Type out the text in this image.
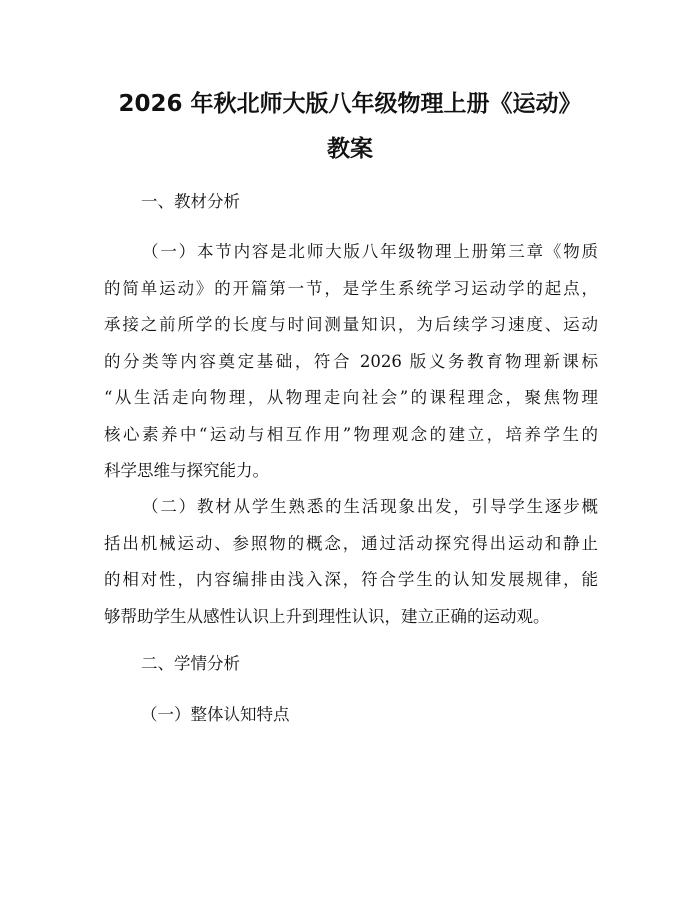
2026 年秋北师大版八年级物理上册《运动》
教案

一、教材分析

（一）本节内容是北师大版八年级物理上册第三章《物质
的简单运动》的开篇第一节，是学生系统学习运动学的起点，
承接之前所学的长度与时间测量知识，为后续学习速度、运动
的分类等内容奠定基础，符合 2026 版义务教育物理新课标
“从生活走向物理，从物理走向社会”的课程理念，聚焦物理
核心素养中“运动与相互作用”物理观念的建立，培养学生的
科学思维与探究能力。
（二）教材从学生熟悉的生活现象出发，引导学生逐步概
括出机械运动、参照物的概念，通过活动探究得出运动和静止
的相对性，内容编排由浅入深，符合学生的认知发展规律，能
够帮助学生从感性认识上升到理性认识，建立正确的运动观。

二、学情分析

（一）整体认知特点
